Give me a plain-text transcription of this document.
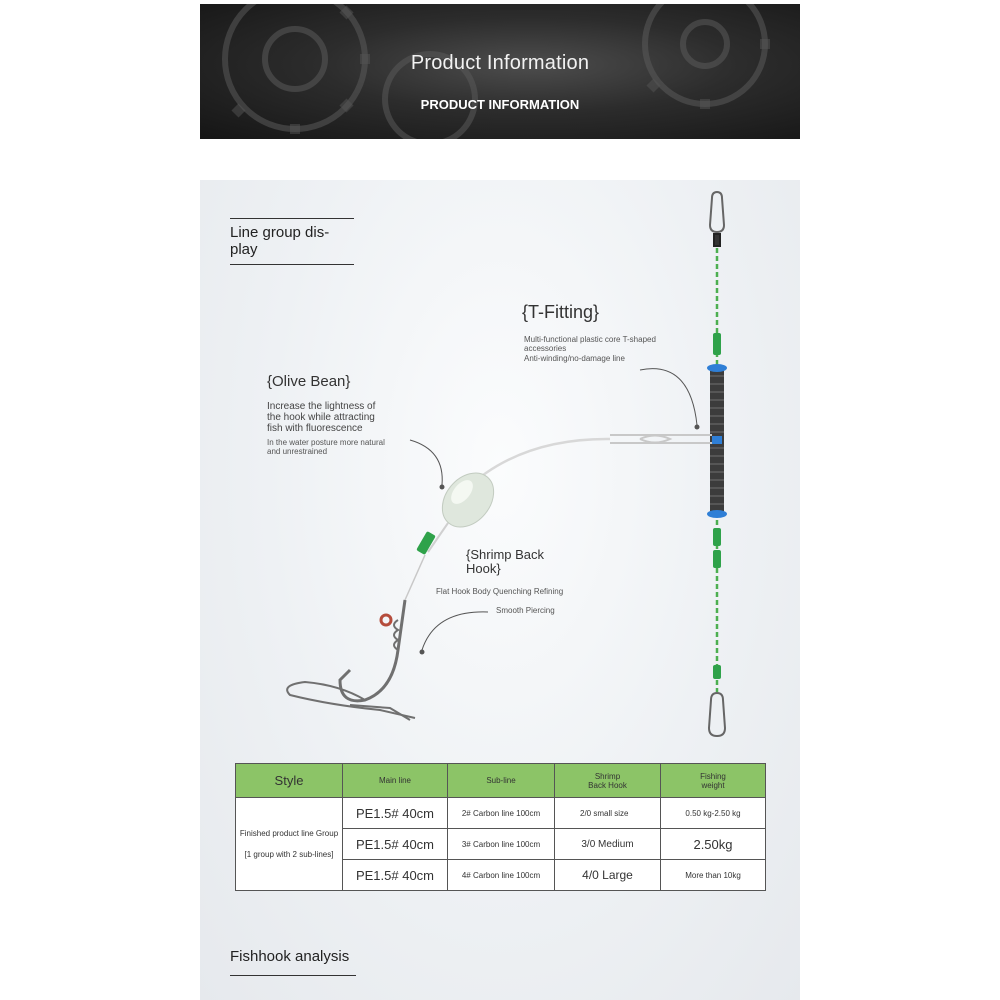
Product Information
PRODUCT INFORMATION
Line group dis- play
{T-Fitting}
Multi-functional plastic core T-shaped accessories
Anti-winding/no-damage line
{Olive Bean}
Increase the lightness of the hook while attracting fish with fluorescence
In the water posture more natural and unrestrained
{Shrimp Back Hook}
Flat Hook Body Quenching Refining
Smooth Piercing
Style	Main line	Sub-line	Shrimp Back Hook	Fishing weight

Finished product line Group
[1 group with 2 sub-lines]	PE1.5# 40cm	2# Carbon line 100cm	2/0 small size	0.50 kg-2.50 kg
	PE1.5# 40cm	3# Carbon line 100cm	3/0 Medium	2.50kg
	PE1.5# 40cm	4# Carbon line 100cm	4/0 Large	More than 10kg
Fishhook analysis
